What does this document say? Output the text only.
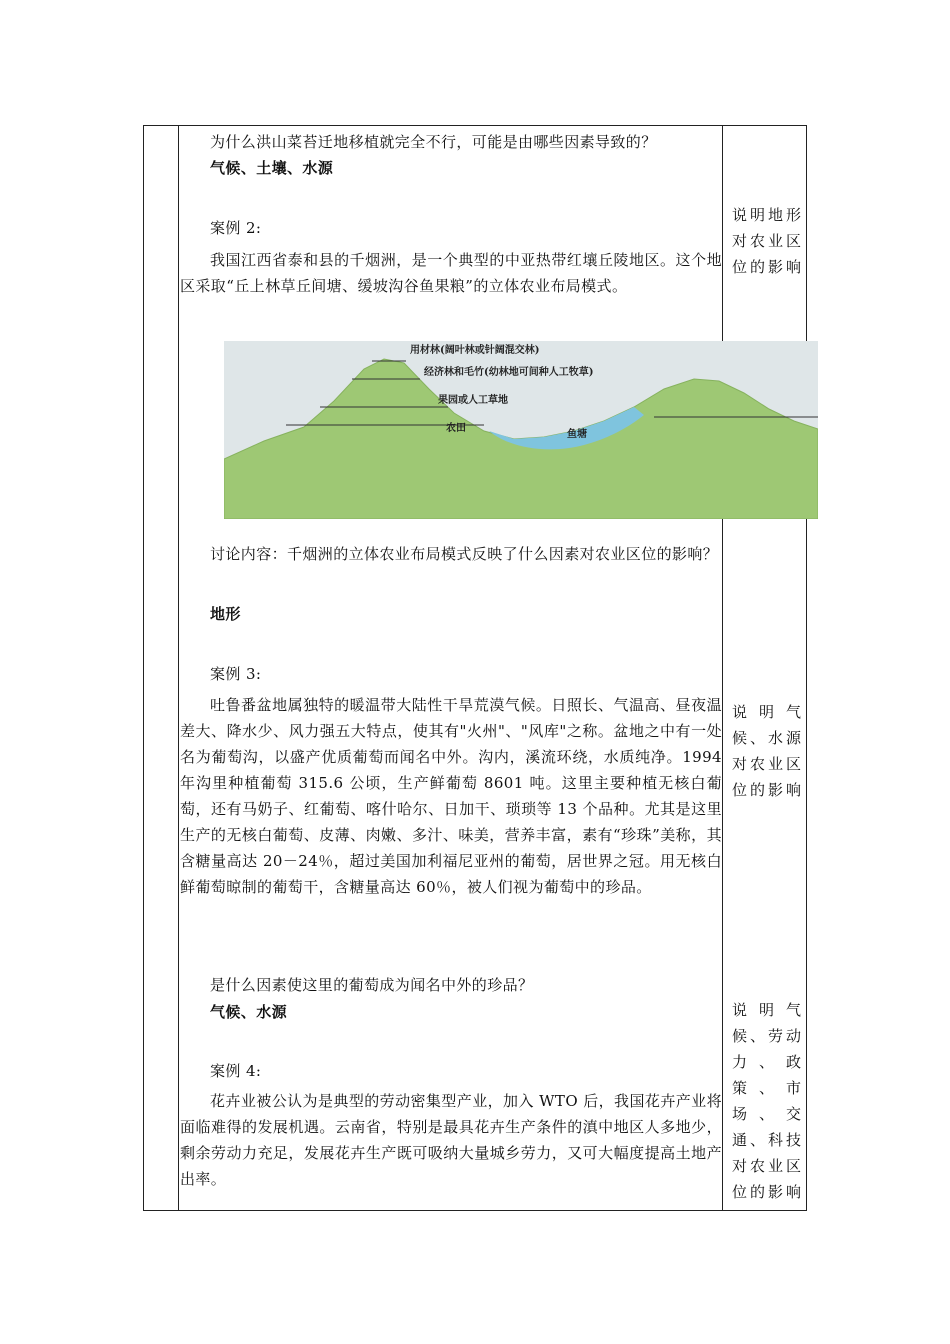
为什么洪山菜苔迁地移植就完全不行，可能是由哪些因素导致的？

气候、土壤、水源

案例 2:

我国江西省泰和县的千烟洲，是一个典型的中亚热带红壤丘陵地区。这个地区采取“丘上林草丘间塘、缓坡沟谷鱼果粮”的立体农业布局模式。

用材林(阔叶林或针阔混交林)
经济林和毛竹(幼林地可间种人工牧草)
果园或人工草地
农田
鱼塘

讨论内容：千烟洲的立体农业布局模式反映了什么因素对农业区位的影响？

地形

案例 3:

吐鲁番盆地属独特的暖温带大陆性干旱荒漠气候。日照长、气温高、昼夜温差大、降水少、风力强五大特点，使其有"火州"、"风库"之称。盆地之中有一处名为葡萄沟，以盛产优质葡萄而闻名中外。沟内，溪流环绕，水质纯净。1994 年沟里种植葡萄 315.6 公顷，生产鲜葡萄 8601 吨。这里主要种植无核白葡萄，还有马奶子、红葡萄、喀什哈尔、日加干、琐琐等 13 个品种。尤其是这里生产的无核白葡萄、皮薄、肉嫩、多汁、味美，营养丰富，素有“珍珠”美称，其含糖量高达 20－24％，超过美国加利福尼亚州的葡萄，居世界之冠。用无核白鲜葡萄晾制的葡萄干，含糖量高达 60％，被人们视为葡萄中的珍品。

是什么因素使这里的葡萄成为闻名中外的珍品？

气候、水源

案例 4:

花卉业被公认为是典型的劳动密集型产业，加入 WTO 后，我国花卉产业将面临难得的发展机遇。云南省，特别是最具花卉生产条件的滇中地区人多地少，剩余劳动力充足，发展花卉生产既可吸纳大量城乡劳力，又可大幅度提高土地产出率。

说明地形
对农业区
位的影响
说 明 气
候、水源
对农业区
位的影响
说 明 气
候、劳动
力 、 政
策 、 市
场 、 交
通、科技
对农业区
位的影响
